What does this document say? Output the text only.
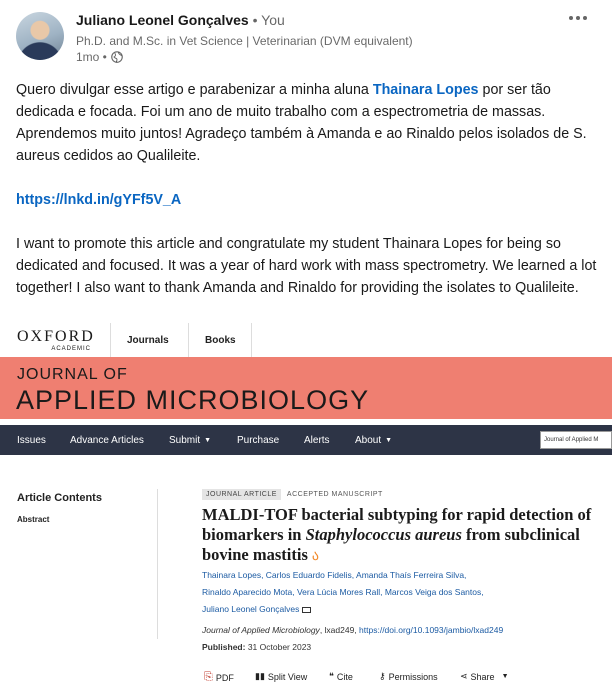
Juliano Leonel Gonçalves • You
Ph.D. and M.Sc. in Vet Science | Veterinarian (DVM equivalent)
1mo •

Quero divulgar esse artigo e parabenizar a minha aluna Thainara Lopes por ser tão dedicada e focada. Foi um ano de muito trabalho com a espectrometria de massas. Aprendemos muito juntos! Agradeço também à Amanda e ao Rinaldo pelos isolados de S. aureus cedidos ao Qualileite.

https://lnkd.in/gYFf5V_A

I want to promote this article and congratulate my student Thainara Lopes for being so dedicated and focused. It was a year of hard work with mass spectrometry. We learned a lot together! I also want to thank Amanda and Rinaldo for providing the isolates to Qualileite.

OXFORD
ACADEMIC
Journals	Books
JOURNAL OF
APPLIED MICROBIOLOGY
Issues Advance Articles	Submit ▼	Purchase Alerts	About ▼	Journal of Applied M
Article Contents
Abstract
JOURNAL ARTICLE	ACCEPTED MANUSCRIPT
MALDI-TOF bacterial subtyping for rapid detection of biomarkers in Staphylococcus aureus from subclinical bovine mastitis ა
Thainara Lopes, Carlos Eduardo Fidelis, Amanda Thaís Ferreira Silva,
Rinaldo Aparecido Mota, Vera Lúcia Mores Rall, Marcos Veiga dos Santos,
Juliano Leonel Gonçalves
Journal of Applied Microbiology, lxad249, https://doi.org/10.1093/jambio/lxad249
Published: 31 October 2023
⎘ PDF ▮▮ Split View ❝ Cite	⚷ Permissions ⋖ Share ▼
